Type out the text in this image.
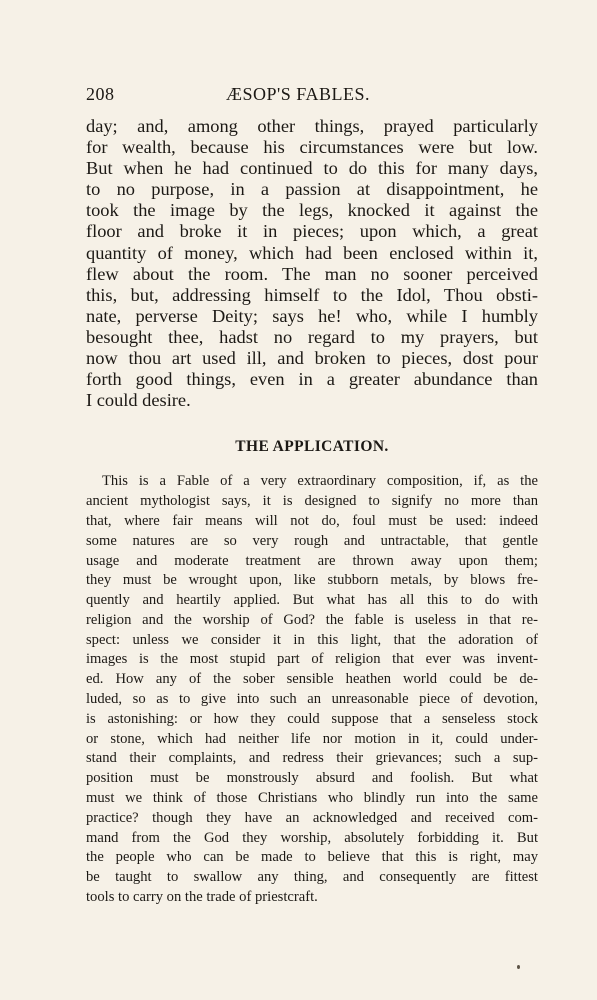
208	ÆSOP'S FABLES.

day; and, among other things, prayed particularly
for wealth, because his circumstances were but low.
But when he had continued to do this for many days,
to no purpose, in a passion at disappointment, he
took the image by the legs, knocked it against the
floor and broke it in pieces; upon which, a great
quantity of money, which had been enclosed within it,
flew about the room. The man no sooner perceived
this, but, addressing himself to the Idol, Thou obsti-
nate, perverse Deity; says he! who, while I humbly
besought thee, hadst no regard to my prayers, but
now thou art used ill, and broken to pieces, dost pour
forth good things, even in a greater abundance than
I could desire.

THE APPLICATION.
This is a Fable of a very extraordinary composition, if, as the
ancient mythologist says, it is designed to signify no more than
that, where fair means will not do, foul must be used: indeed
some natures are so very rough and untractable, that gentle
usage and moderate treatment are thrown away upon them;
they must be wrought upon, like stubborn metals, by blows fre-
quently and heartily applied. But what has all this to do with
religion and the worship of God? the fable is useless in that re-
spect: unless we consider it in this light, that the adoration of
images is the most stupid part of religion that ever was invent-
ed. How any of the sober sensible heathen world could be de-
luded, so as to give into such an unreasonable piece of devotion,
is astonishing: or how they could suppose that a senseless stock
or stone, which had neither life nor motion in it, could under-
stand their complaints, and redress their grievances; such a sup-
position must be monstrously absurd and foolish. But what
must we think of those Christians who blindly run into the same
practice? though they have an acknowledged and received com-
mand from the God they worship, absolutely forbidding it. But
the people who can be made to believe that this is right, may
be taught to swallow any thing, and consequently are fittest
tools to carry on the trade of priestcraft.
